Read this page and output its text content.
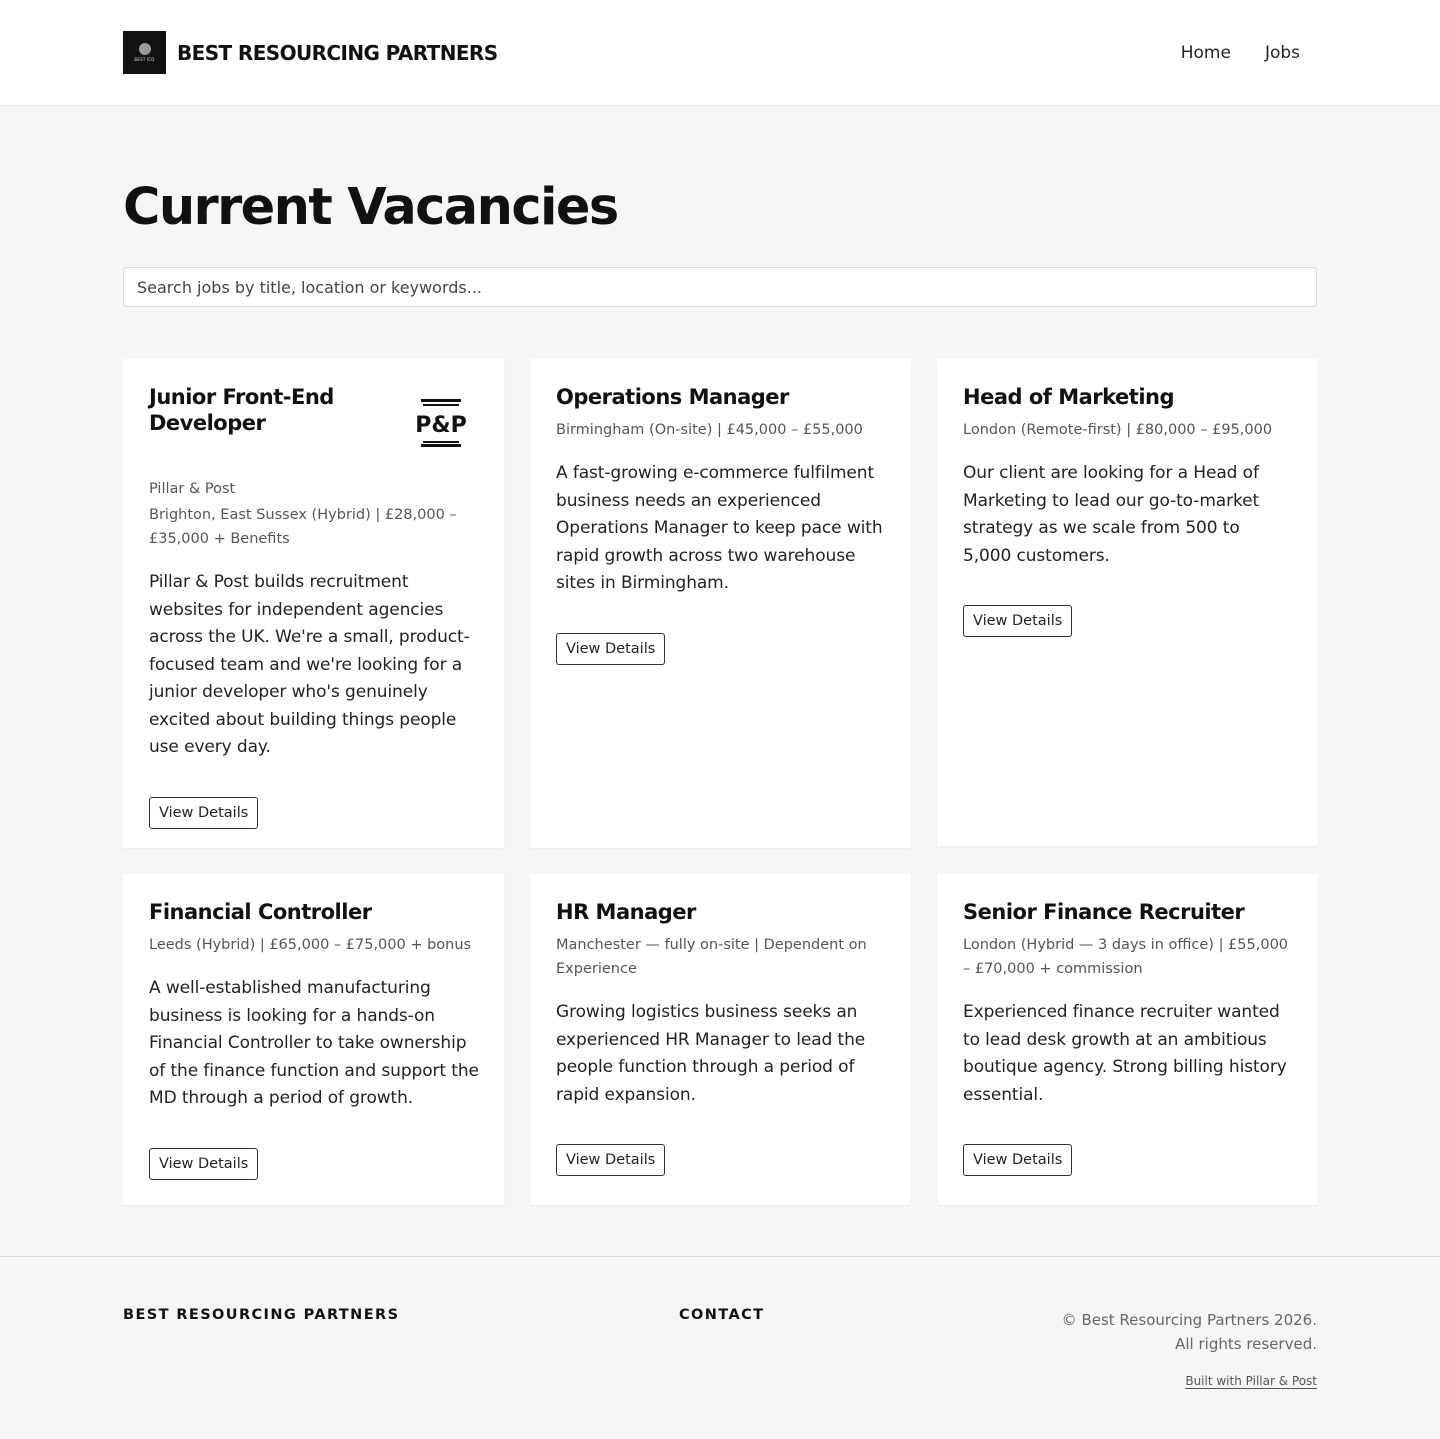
BEST ICD BEST RESOURCING PARTNERS	Home Jobs
Current Vacancies
Search jobs by title, location or keywords...
Junior Front-End Developer	P&P
Pillar & Post
Brighton, East Sussex (Hybrid) | £28,000 – £35,000 + Benefits

Pillar & Post builds recruitment websites for independent agencies across the UK. We're a small, product-focused team and we're looking for a junior developer who's genuinely excited about building things people use every day.

View Details
Operations Manager
Birmingham (On-site) | £45,000 – £55,000

A fast-growing e-commerce fulfilment business needs an experienced Operations Manager to keep pace with rapid growth across two warehouse sites in Birmingham.

View Details
Head of Marketing
London (Remote-first) | £80,000 – £95,000

Our client are looking for a Head of Marketing to lead our go-to-market strategy as we scale from 500 to 5,000 customers.

View Details
Financial Controller
Leeds (Hybrid) | £65,000 – £75,000 + bonus

A well-established manufacturing business is looking for a hands-on Financial Controller to take ownership of the finance function and support the MD through a period of growth.

View Details
HR Manager
Manchester — fully on-site | Dependent on Experience

Growing logistics business seeks an experienced HR Manager to lead the people function through a period of rapid expansion.

View Details
Senior Finance Recruiter
London (Hybrid — 3 days in office) | £55,000 – £70,000 + commission

Experienced finance recruiter wanted to lead desk growth at an ambitious boutique agency. Strong billing history essential.

View Details
BEST RESOURCING PARTNERS	CONTACT	© Best Resourcing Partners 2026.
All rights reserved.
Built with Pillar & Post
